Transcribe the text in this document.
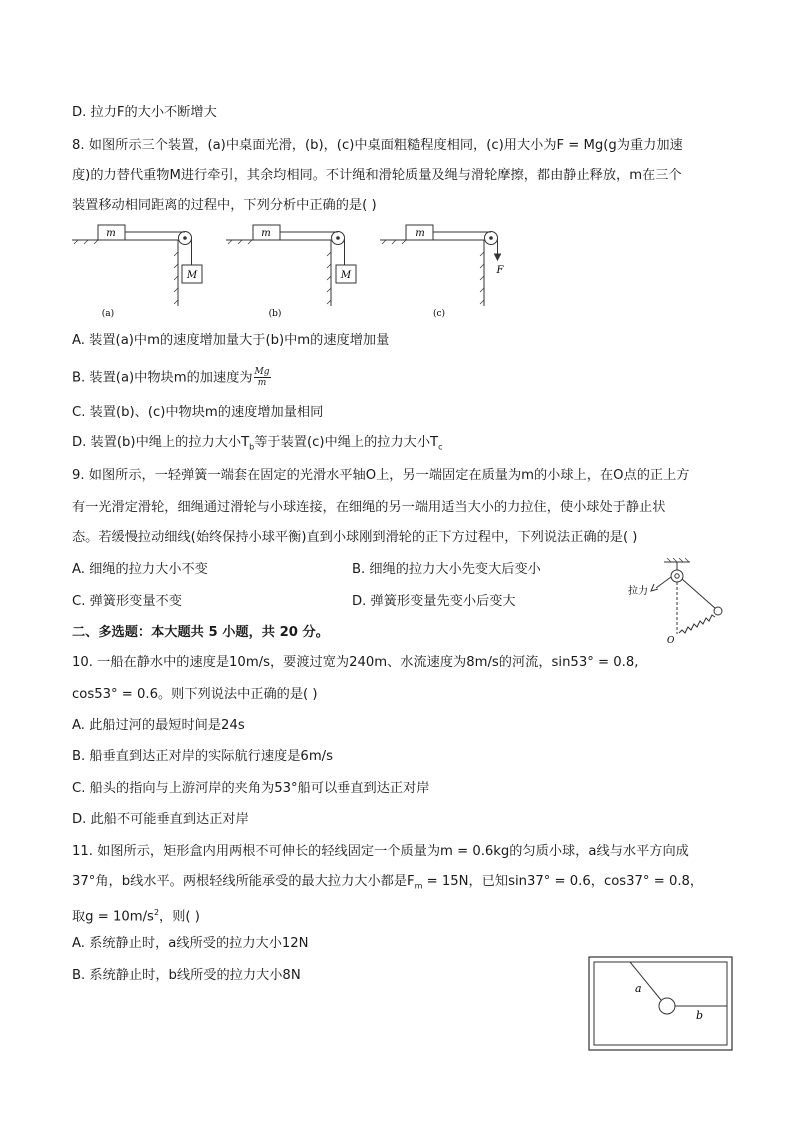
D. 拉力F的大小不断增大
8. 如图所示三个装置，(a)中桌面光滑，(b)，(c)中桌面粗糙程度相同，(c)用大小为F = Mg(g为重力加速
度)的力替代重物M进行牵引，其余均相同。不计绳和滑轮质量及绳与滑轮摩擦，都由静止释放，m在三个
装置移动相同距离的过程中，下列分析中正确的是( )
m
M
(a)
m
M
(b)
m
F
(c)
A. 装置(a)中m的速度增加量大于(b)中m的速度增加量
B. 装置(a)中物块m的加速度为 $\frac{Mg}{m}$
C. 装置(b)、(c)中物块m的速度增加量相同
D. 装置(b)中绳上的拉力大小$T_b$等于装置(c)中绳上的拉力大小$T_c$
9. 如图所示，一轻弹簧一端套在固定的光滑水平轴O上，另一端固定在质量为m的小球上，在O点的正上方
有一光滑定滑轮，细绳通过滑轮与小球连接，在细绳的另一端用适当大小的力拉住，使小球处于静止状
态。若缓慢拉动细线(始终保持小球平衡)直到小球刚到滑轮的正下方过程中，下列说法正确的是( )
A. 细绳的拉力大小不变	B. 细绳的拉力大小先变大后变小
C. 弹簧形变量不变	D. 弹簧形变量先变小后变大
拉力
O
二、多选题：本大题共 5 小题，共 20 分。
10. 一船在静水中的速度是10m/s，要渡过宽为240m、水流速度为8m/s的河流，sin53° = 0.8,
cos53° = 0.6。则下列说法中正确的是( )
A. 此船过河的最短时间是24s
B. 船垂直到达正对岸的实际航行速度是6m/s
C. 船头的指向与上游河岸的夹角为53°船可以垂直到达正对岸
D. 此船不可能垂直到达正对岸
11. 如图所示，矩形盒内用两根不可伸长的轻线固定一个质量为m = 0.6kg的匀质小球，a线与水平方向成
37°角，b线水平。两根轻线所能承受的最大拉力大小都是$F_m = 15N$，已知sin37° = 0.6，cos37° = 0.8，
取$g = 10m/s^2$，则( )
A. 系统静止时，a线所受的拉力大小12N
B. 系统静止时，b线所受的拉力大小8N
a
b
